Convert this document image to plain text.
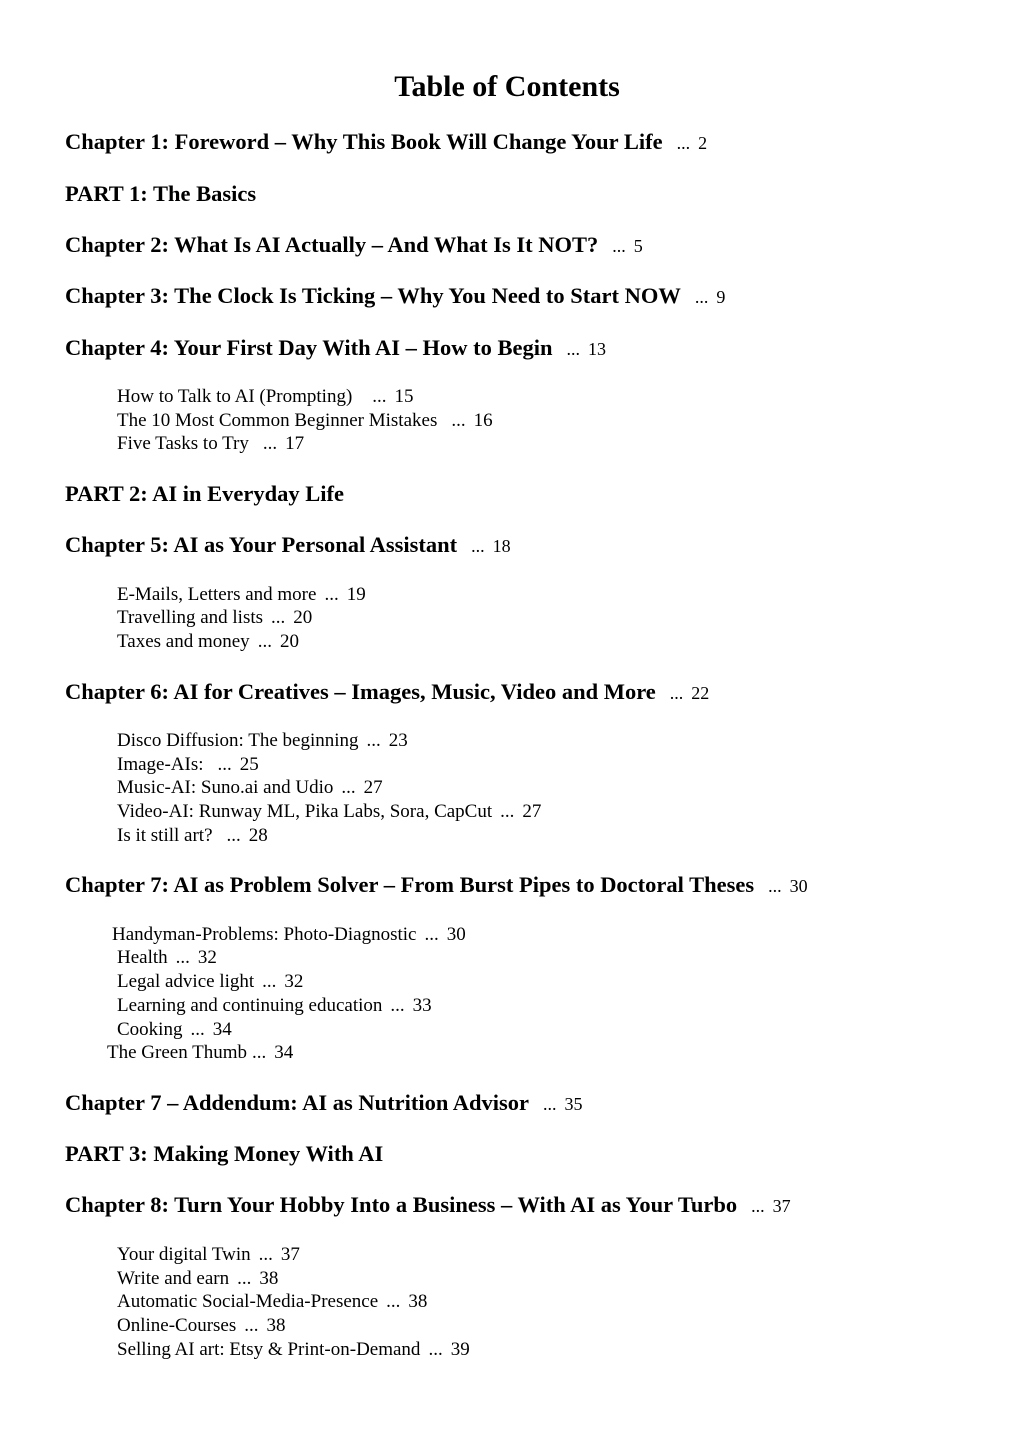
Table of Contents
Chapter 1: Foreword – Why This Book Will Change Your Life ... 2
PART 1: The Basics
Chapter 2: What Is AI Actually – And What Is It NOT? ... 5
Chapter 3: The Clock Is Ticking – Why You Need to Start NOW ... 9
Chapter 4: Your First Day With AI – How to Begin ... 13
How to Talk to AI (Prompting) ... 15
The 10 Most Common Beginner Mistakes ... 16
Five Tasks to Try ... 17
PART 2: AI in Everyday Life
Chapter 5: AI as Your Personal Assistant ... 18
E-Mails, Letters and more ... 19
Travelling and lists ... 20
Taxes and money ... 20
Chapter 6: AI for Creatives – Images, Music, Video and More ... 22
Disco Diffusion: The beginning ... 23
Image-AIs: ... 25
Music-AI: Suno.ai and Udio ... 27
Video-AI: Runway ML, Pika Labs, Sora, CapCut ... 27
Is it still art? ... 28
Chapter 7: AI as Problem Solver – From Burst Pipes to Doctoral Theses ... 30
Handyman-Problems: Photo-Diagnostic ... 30
Health ... 32
Legal advice light ... 32
Learning and continuing education ... 33
Cooking ... 34
The Green Thumb ... 34
Chapter 7 – Addendum: AI as Nutrition Advisor ... 35
PART 3: Making Money With AI
Chapter 8: Turn Your Hobby Into a Business – With AI as Your Turbo ... 37
Your digital Twin ... 37
Write and earn ... 38
Automatic Social-Media-Presence ... 38
Online-Courses ... 38
Selling AI art: Etsy & Print-on-Demand ... 39
